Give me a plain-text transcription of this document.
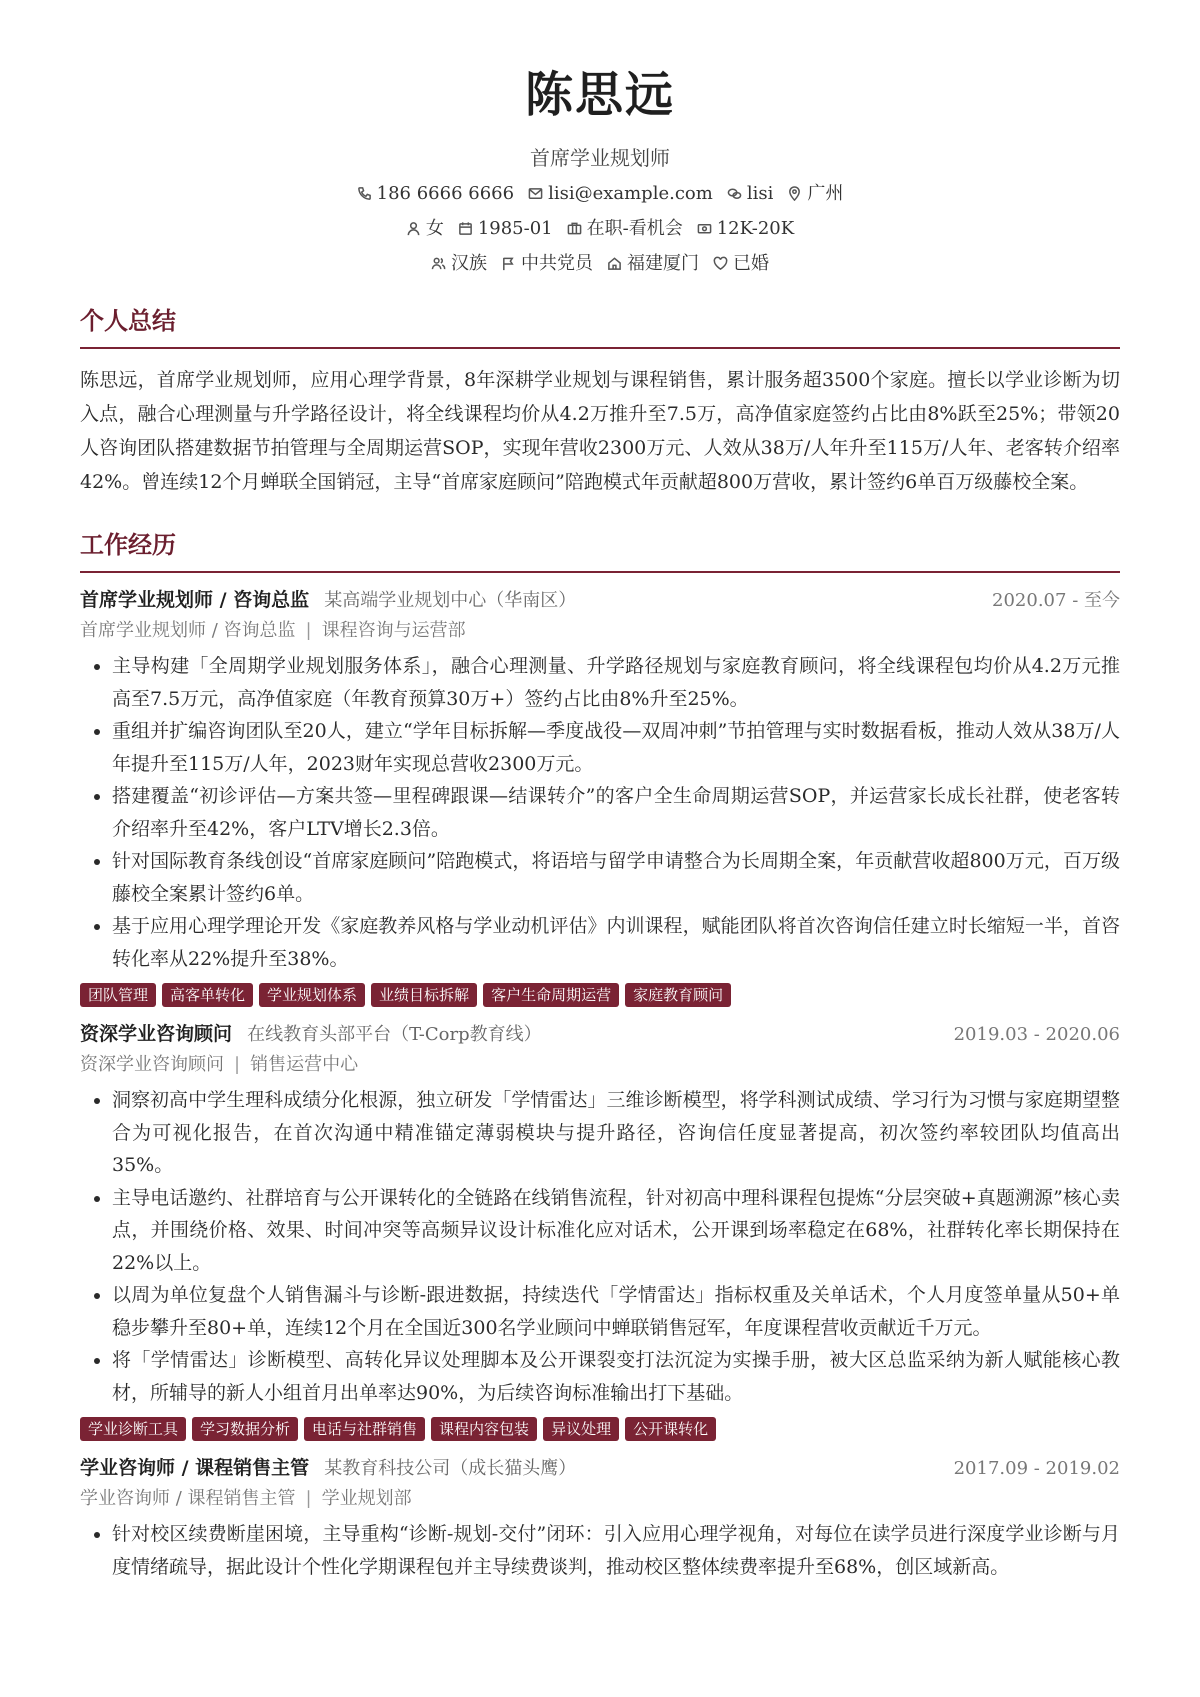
陈思远
首席学业规划师
186 6666 6666 lisi@example.com lisi 广州
女 1985-01 在职-看机会 12K-20K
汉族 中共党员 福建厦门 已婚
个人总结
陈思远，首席学业规划师，应用心理学背景，8年深耕学业规划与课程销售，累计服务超3500个家庭。擅长以学业诊断为切入点，融合心理测量与升学路径设计，将全线课程均价从4.2万推升至7.5万，高净值家庭签约占比由8%跃至25%；带领20人咨询团队搭建数据节拍管理与全周期运营SOP，实现年营收2300万元、人效从38万/人年升至115万/人年、老客转介绍率42%。曾连续12个月蝉联全国销冠，主导“首席家庭顾问”陪跑模式年贡献超800万营收，累计签约6单百万级藤校全案。
工作经历
首席学业规划师 / 咨询总监 某高端学业规划中心（华南区）	2020.07 - 至今
首席学业规划师 / 咨询总监 | 课程咨询与运营部
• 主导构建「全周期学业规划服务体系」，融合心理测量、升学路径规划与家庭教育顾问，将全线课程包均价从4.2万元推高至7.5万元，高净值家庭（年教育预算30万+）签约占比由8%升至25%。
• 重组并扩编咨询团队至20人，建立“学年目标拆解—季度战役—双周冲刺”节拍管理与实时数据看板，推动人效从38万/人年提升至115万/人年，2023财年实现总营收2300万元。
• 搭建覆盖“初诊评估—方案共签—里程碑跟课—结课转介”的客户全生命周期运营SOP，并运营家长成长社群，使老客转介绍率升至42%，客户LTV增长2.3倍。
• 针对国际教育条线创设“首席家庭顾问”陪跑模式，将语培与留学申请整合为长周期全案，年贡献营收超800万元，百万级藤校全案累计签约6单。
• 基于应用心理学理论开发《家庭教养风格与学业动机评估》内训课程，赋能团队将首次咨询信任建立时长缩短一半，首咨转化率从22%提升至38%。
团队管理	高客单转化	学业规划体系	业绩目标拆解	客户生命周期运营	家庭教育顾问
资深学业咨询顾问 在线教育头部平台（T-Corp教育线）	2019.03 - 2020.06
资深学业咨询顾问 | 销售运营中心
• 洞察初高中学生理科成绩分化根源，独立研发「学情雷达」三维诊断模型，将学科测试成绩、学习行为习惯与家庭期望整合为可视化报告，在首次沟通中精准锚定薄弱模块与提升路径，咨询信任度显著提高，初次签约率较团队均值高出35%。
• 主导电话邀约、社群培育与公开课转化的全链路在线销售流程，针对初高中理科课程包提炼“分层突破+真题溯源”核心卖点，并围绕价格、效果、时间冲突等高频异议设计标准化应对话术，公开课到场率稳定在68%，社群转化率长期保持在22%以上。
• 以周为单位复盘个人销售漏斗与诊断-跟进数据，持续迭代「学情雷达」指标权重及关单话术，个人月度签单量从50+单稳步攀升至80+单，连续12个月在全国近300名学业顾问中蝉联销售冠军，年度课程营收贡献近千万元。
• 将「学情雷达」诊断模型、高转化异议处理脚本及公开课裂变打法沉淀为实操手册，被大区总监采纳为新人赋能核心教材，所辅导的新人小组首月出单率达90%，为后续咨询标准输出打下基础。
学业诊断工具	学习数据分析	电话与社群销售	课程内容包装	异议处理	公开课转化
学业咨询师 / 课程销售主管 某教育科技公司（成长猫头鹰）	2017.09 - 2019.02
学业咨询师 / 课程销售主管 | 学业规划部
• 针对校区续费断崖困境，主导重构“诊断-规划-交付”闭环：引入应用心理学视角，对每位在读学员进行深度学业诊断与月度情绪疏导，据此设计个性化学期课程包并主导续费谈判，推动校区整体续费率提升至68%，创区域新高。
